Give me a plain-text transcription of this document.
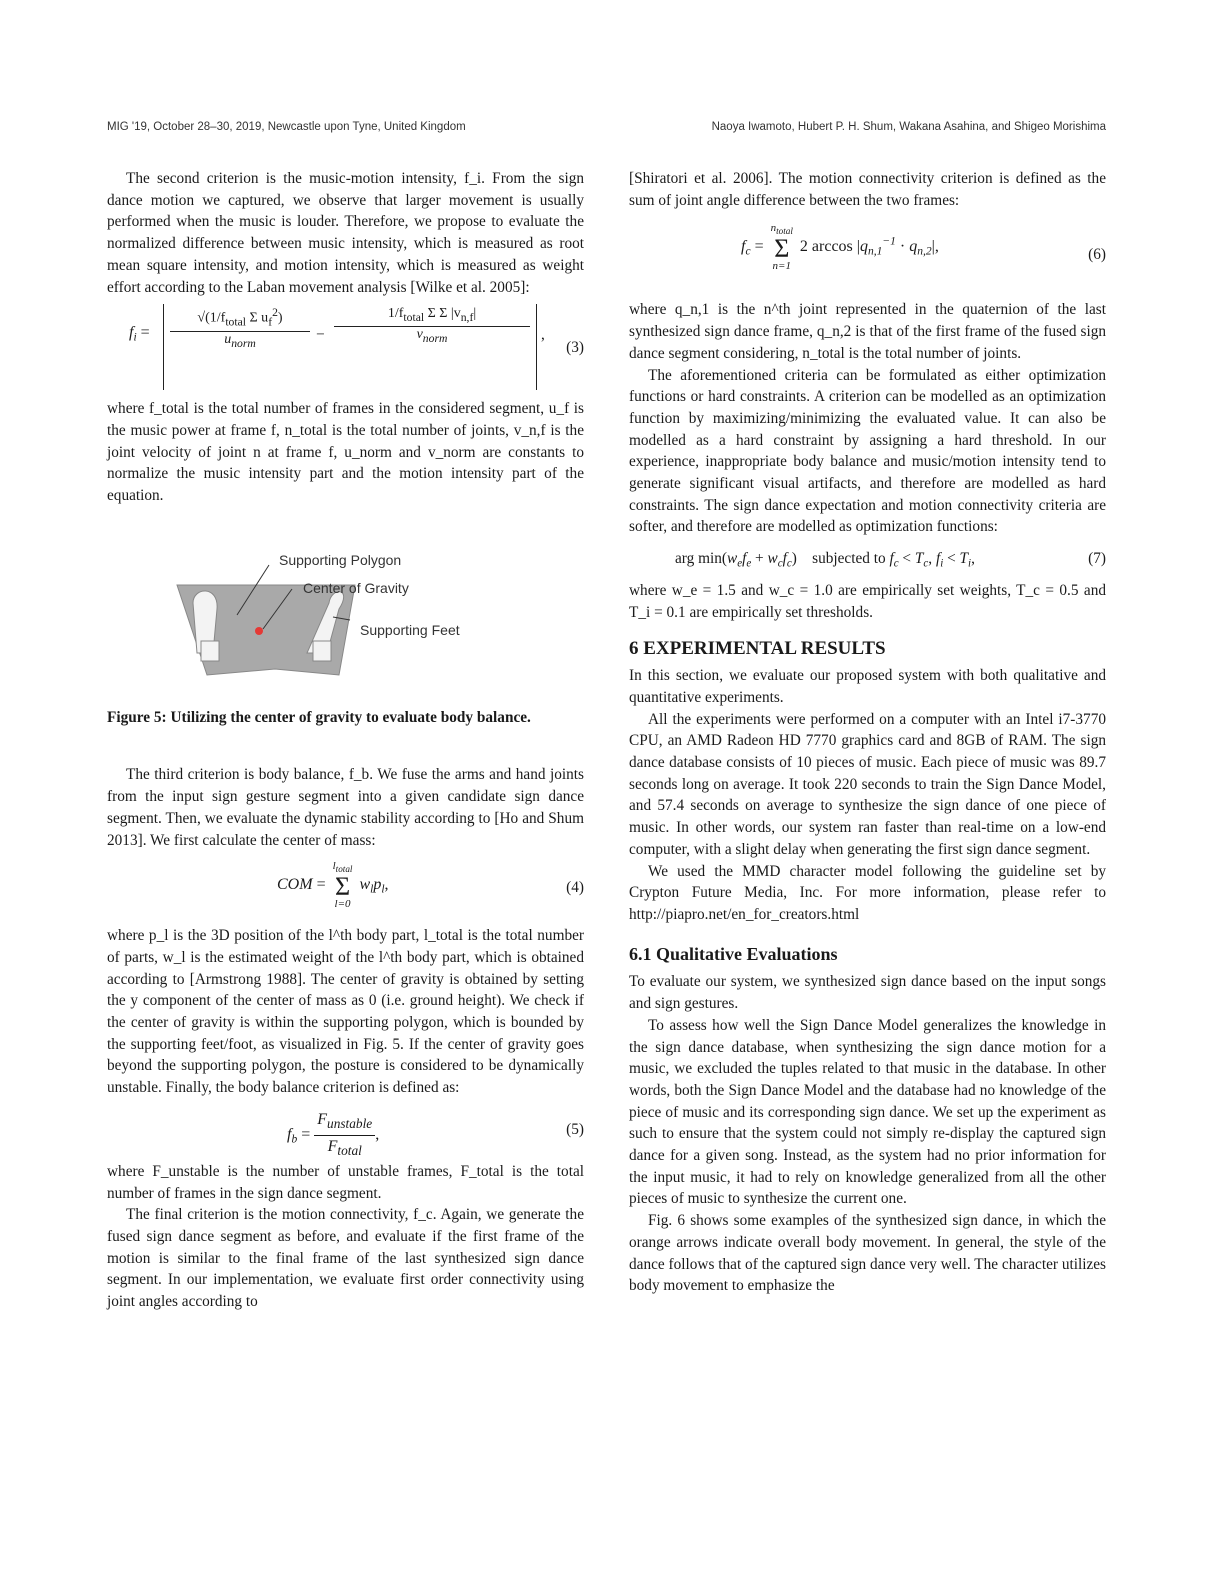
MIG '19, October 28–30, 2019, Newcastle upon Tyne, United Kingdom	Naoya Iwamoto, Hubert P. H. Shum, Wakana Asahina, and Shigeo Morishima

The second criterion is the music-motion intensity, f_i. From the sign dance motion we captured, we observe that larger movement is usually performed when the music is louder. Therefore, we propose to evaluate the normalized difference between music intensity, which is measured as root mean square intensity, and motion intensity, which is measured as weight effort according to the Laban movement analysis [Wilke et al. 2005]:

$f_i$ =
$√(1/f_{total}$ Σ $u_f^2$)
$u_{norm}$	−
$1/f_{total}$ Σ Σ $|v_{n,f}|$
$v_{norm}$	,
(3)

where f_total is the total number of frames in the considered segment, u_f is the music power at frame f, n_total is the total number of joints, v_n,f is the joint velocity of joint n at frame f, u_norm and v_norm are constants to normalize the music intensity part and the motion intensity part of the equation.

Supporting Polygon
Center of Gravity
Supporting Feet

Figure 5: Utilizing the center of gravity to evaluate body balance.

The third criterion is body balance, f_b. We fuse the arms and hand joints from the input sign gesture segment into a given candidate sign dance segment. Then, we evaluate the dynamic stability according to [Ho and Shum 2013]. We first calculate the center of mass:

COM =
$l_{total}$
Σ
l=0
$w_lp_l$,	(4)

where p_l is the 3D position of the l^th body part, l_total is the total number of parts, w_l is the estimated weight of the l^th body part, which is obtained according to [Armstrong 1988]. The center of gravity is obtained by setting the y component of the center of mass as 0 (i.e. ground height). We check if the center of gravity is within the supporting polygon, which is bounded by the supporting feet/foot, as visualized in Fig. 5. If the center of gravity goes beyond the supporting polygon, the posture is considered to be dynamically unstable. Finally, the body balance criterion is defined as:

$f_b = \frac{F_{unstable}}{F_{total}}$ ,	(5)

where F_unstable is the number of unstable frames, F_total is the total number of frames in the sign dance segment.

The final criterion is the motion connectivity, f_c. Again, we generate the fused sign dance segment as before, and evaluate if the first frame of the motion is similar to the final frame of the last synthesized sign dance segment. In our implementation, we evaluate first order connectivity using joint angles according to

[Shiratori et al. 2006]. The motion connectivity criterion is defined as the sum of joint angle difference between the two frames:

$f_c$ =
$n_{total}$
Σ
n=1
2 $\arccos |q_{n,1}^{-1} \cdot q_{n,2}|$,	(6)

where q_n,1 is the n^th joint represented in the quaternion of the last synthesized sign dance frame, q_n,2 is that of the first frame of the fused sign dance segment considering, n_total is the total number of joints.

The aforementioned criteria can be formulated as either optimization functions or hard constraints. A criterion can be modelled as an optimization function by maximizing/minimizing the evaluated value. It can also be modelled as a hard constraint by assigning a hard threshold. In our experience, inappropriate body balance and music/motion intensity tend to generate significant visual artifacts, and therefore are modelled as hard constraints. The sign dance expectation and motion connectivity criteria are softer, and therefore are modelled as optimization functions:

arg $\min(w_ef_e + w_cf_c)$    subjected to $f_c < T_c$, $f_i < T_i$,	(7)

where w_e = 1.5 and w_c = 1.0 are empirically set weights, T_c = 0.5 and T_i = 0.1 are empirically set thresholds.

6 EXPERIMENTAL RESULTS

In this section, we evaluate our proposed system with both qualitative and quantitative experiments.

All the experiments were performed on a computer with an Intel i7-3770 CPU, an AMD Radeon HD 7770 graphics card and 8GB of RAM. The sign dance database consists of 10 pieces of music. Each piece of music was 89.7 seconds long on average. It took 220 seconds to train the Sign Dance Model, and 57.4 seconds on average to synthesize the sign dance of one piece of music. In other words, our system ran faster than real-time on a low-end computer, with a slight delay when generating the first sign dance segment.

We used the MMD character model following the guideline set by Crypton Future Media, Inc. For more information, please refer to http://piapro.net/en_for_creators.html

6.1 Qualitative Evaluations

To evaluate our system, we synthesized sign dance based on the input songs and sign gestures.

To assess how well the Sign Dance Model generalizes the knowledge in the sign dance database, when synthesizing the sign dance motion for a music, we excluded the tuples related to that music in the database. In other words, both the Sign Dance Model and the database had no knowledge of the piece of music and its corresponding sign dance. We set up the experiment as such to ensure that the system could not simply re-display the captured sign dance for a given song. Instead, as the system had no prior information for the input music, it had to rely on knowledge generalized from all the other pieces of music to synthesize the current one.

Fig. 6 shows some examples of the synthesized sign dance, in which the orange arrows indicate overall body movement. In general, the style of the dance follows that of the captured sign dance very well. The character utilizes body movement to emphasize the
